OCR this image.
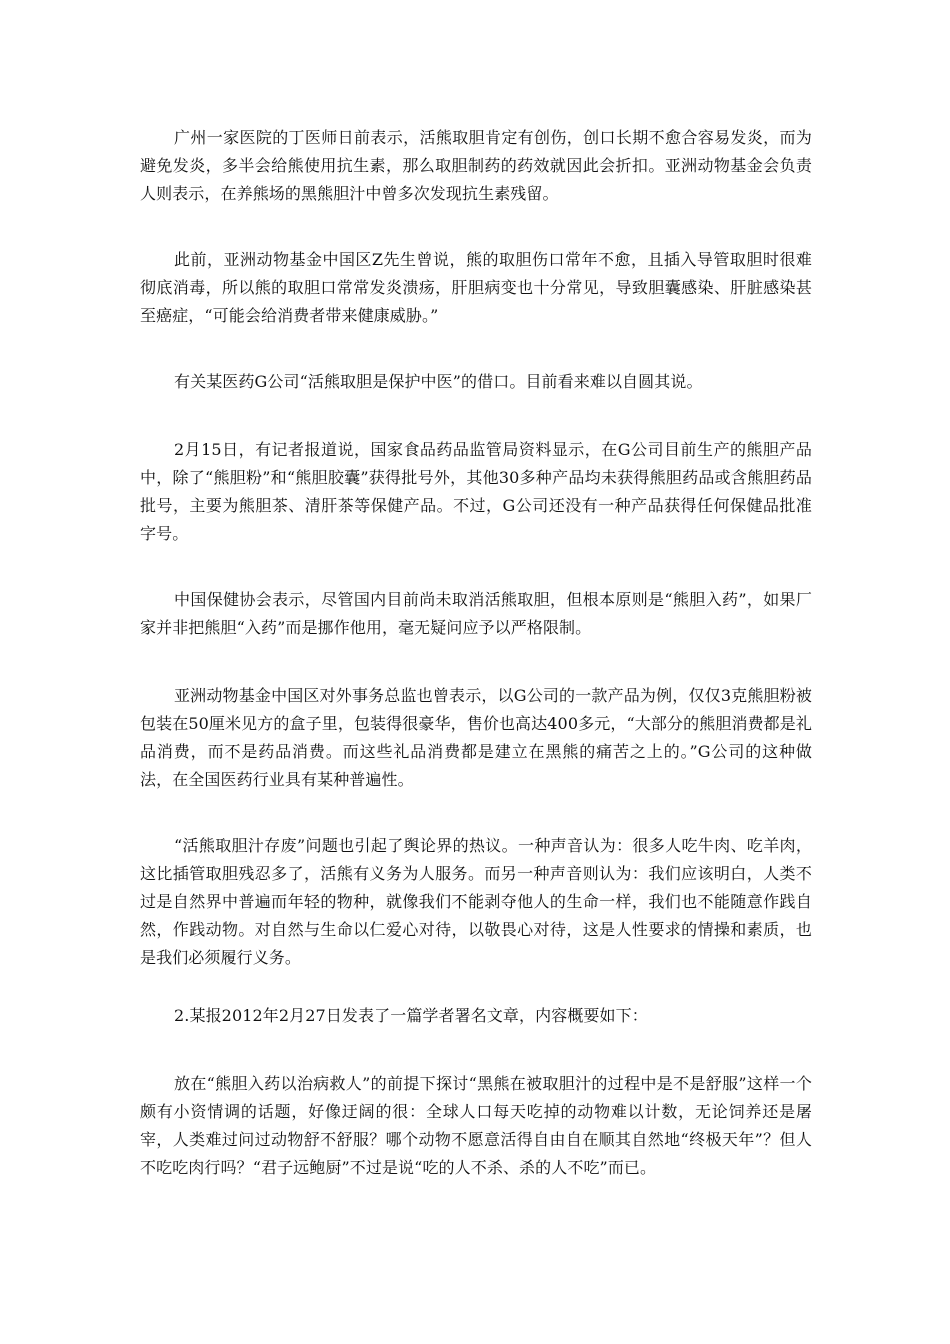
广州一家医院的丁医师日前表示，活熊取胆肯定有创伤，创口长期不愈合容易发炎，而为避免发炎，多半会给熊使用抗生素，那么取胆制药的药效就因此会折扣。亚洲动物基金会负责人则表示，在养熊场的黑熊胆汁中曾多次发现抗生素残留。

此前，亚洲动物基金中国区Z先生曾说，熊的取胆伤口常年不愈，且插入导管取胆时很难彻底消毒，所以熊的取胆口常常发炎溃疡，肝胆病变也十分常见，导致胆囊感染、肝脏感染甚至癌症，“可能会给消费者带来健康威胁。”

有关某医药G公司“活熊取胆是保护中医”的借口。目前看来难以自圆其说。

2月15日，有记者报道说，国家食品药品监管局资料显示，在G公司目前生产的熊胆产品中，除了“熊胆粉”和“熊胆胶囊”获得批号外，其他30多种产品均未获得熊胆药品或含熊胆药品批号，主要为熊胆茶、清肝茶等保健产品。不过，G公司还没有一种产品获得任何保健品批准字号。

中国保健协会表示，尽管国内目前尚未取消活熊取胆，但根本原则是“熊胆入药”，如果厂家并非把熊胆“入药”而是挪作他用，毫无疑问应予以严格限制。

亚洲动物基金中国区对外事务总监也曾表示，以G公司的一款产品为例，仅仅3克熊胆粉被包装在50厘米见方的盒子里，包装得很豪华，售价也高达400多元，“大部分的熊胆消费都是礼品消费，而不是药品消费。而这些礼品消费都是建立在黑熊的痛苦之上的。”G公司的这种做法，在全国医药行业具有某种普遍性。

“活熊取胆汁存废”问题也引起了舆论界的热议。一种声音认为：很多人吃牛肉、吃羊肉，这比插管取胆残忍多了，活熊有义务为人服务。而另一种声音则认为：我们应该明白，人类不过是自然界中普遍而年轻的物种，就像我们不能剥夺他人的生命一样，我们也不能随意作践自然，作践动物。对自然与生命以仁爱心对待，以敬畏心对待，这是人性要求的情操和素质，也是我们必须履行义务。

2.某报2012年2月27日发表了一篇学者署名文章，内容概要如下：

放在“熊胆入药以治病救人”的前提下探讨“黑熊在被取胆汁的过程中是不是舒服”这样一个颇有小资情调的话题，好像迂阔的很：全球人口每天吃掉的动物难以计数，无论饲养还是屠宰，人类难过问过动物舒不舒服？哪个动物不愿意活得自由自在顺其自然地“终极天年”？但人不吃吃肉行吗？“君子远鲍厨”不过是说“吃的人不杀、杀的人不吃”而已。
